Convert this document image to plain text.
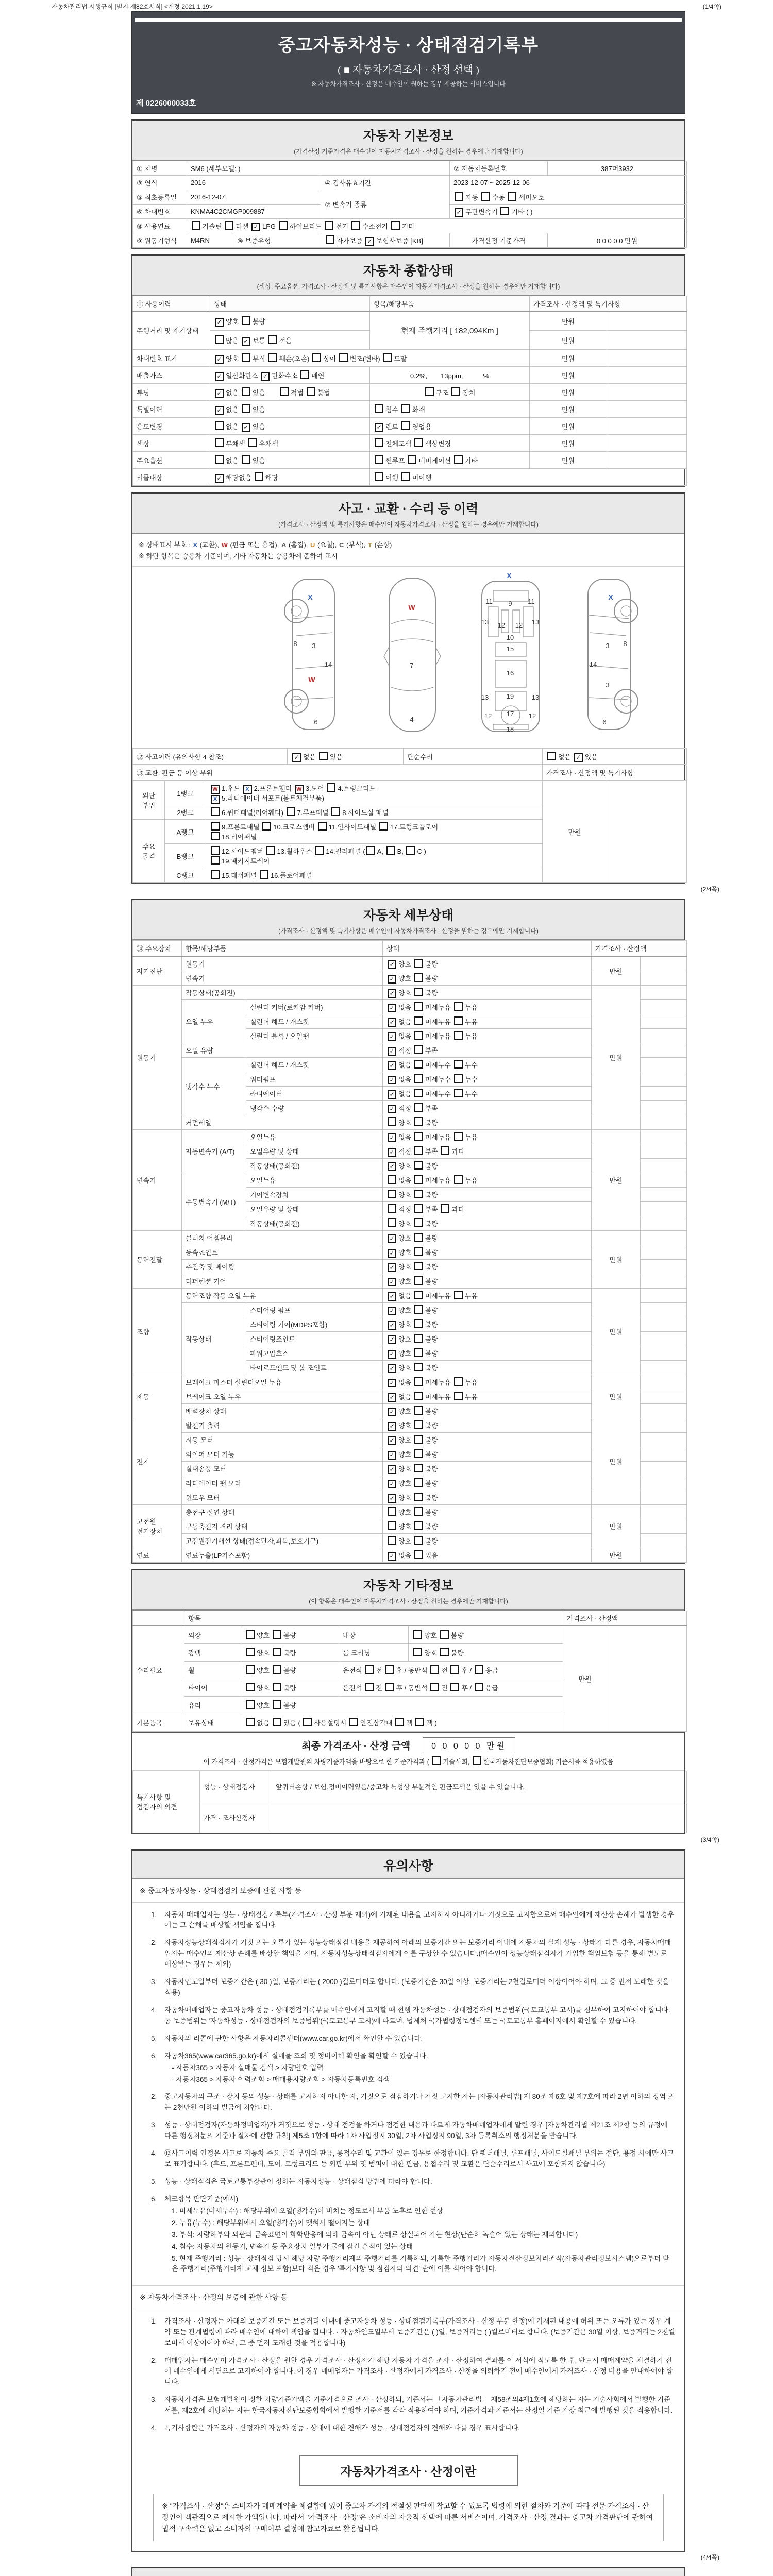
자동차관리법 시행규칙 [별지 제82호서식] <개정 2021.1.19>	(1/4쪽)
중고자동차성능 · 상태점검기록부
( ■ 자동차가격조사 · 산정 선택 )
※ 자동차가격조사 · 산정은 매수인이 원하는 경우 제공하는 서비스입니다
제 0226000033호
자동차 기본정보
(가격산정 기준가격은 매수인이 자동차가격조사 · 산정을 원하는 경우에만 기재합니다)
① 차명	SM6 (세부모델: )			② 자동차등록번호	387머3932
③ 연식	2016		④ 검사유효기간	2023-12-07 ~ 2025-12-06	
⑤ 최초등록일	2016-12-07		⑦ 변속기 종류	자동 수동 세미오토	
⑥ 차대번호	KNMA4C2CMGP009887	✓무단변속기 기타 ( )
⑧ 사용연료	가솔린 디젤 ✓LPG 하이브리드 전기 수소전기 기타
⑨ 원동기형식	M4RN	⑩ 보증유형	자가보증 ✓보험사보증 [KB]	가격산정 기준가격	0 0 0 0 0 만원
자동차 종합상태
(색상, 주요옵션, 가격조사 · 산정액 및 특기사항은 매수인이 자동차가격조사 · 산정을 원하는 경우에만 기재합니다)
⑪ 사용이력	상태	항목/해당부품	가격조사 · 산정액 및 특기사항	
주행거리 및 계기상태	✓양호 불량	현재 주행거리 [ 182,094Km ]	만원	
	많음 ✓보통 적음		만원	
차대번호 표기	✓양호 부식 훼손(오손) 상이 변조(변타) 도말		만원	
배출가스	✓일산화탄소 ✓탄화수소 매연	0.2%,　　13ppm,　　　%	만원	
튜닝	✓없음 있음　　적법 불법	구조 장치	만원	
특별이력	✓없음 있음	침수 화재	만원	
용도변경	없음 ✓있음	✓렌트 영업용	만원	
색상	무채색 유채색	전체도색 색상변경	만원	
주요옵션	없음 있음	썬루프 네비게이션 기타	만원	
리콜대상	✓해당없음 해당	이행 미이행		
사고 · 교환 · 수리 등 이력
(가격조사 · 산정액 및 특기사항은 매수인이 자동차가격조사 · 산정을 원하는 경우에만 기재합니다)
※ 상태표시 부호 : X (교환), W (판금 또는 용접), A (흠집), U (요철), C (부식), T (손상)
※ 하단 항목은 승용차 기준이며, 기타 자동차는 승용차에 준하여 표시
X
8 3
14
W
6
W
7
4
X
11 9 11
13 12 12 13
10
15
16
13	19	13
12 17 12
18
X
3 8
14
3
6
⑫ 사고이력 (유의사항 4 참조)	✓없음 있음	단순수리	없음 ✓있음
⑬ 교환, 판금 등 이상 부위			가격조사 · 산정액 및 특기사항
외판 부위	1랭크	W 1.후드 X 2.프론트휀더 W 3.도어 4.트렁크리드
X 5.라디에이터 서포트(볼트체결부품)	만원	
	2랭크	6.쿼더패널(리어휀다) 7.루프패널 8.사이드실 패널		
주요 골격	A랭크	9.프론트패널 10.크로스멤버 11.인사이드패널 17.트렁크플로어
18.리어패널		

	B랭크	12.사이드멤버 13.휠하우스 14.필러패널 ( A, B, C )
19.패키지트레이		

	C랭크	15.대쉬패널 16.플로어패널		
(2/4쪽)
자동차 세부상태
(가격조사 · 산정액 및 특기사항은 매수인이 자동차가격조사 · 산정을 원하는 경우에만 기재합니다)
⑭ 주요장치	항목/해당부품		상태	가격조사 · 산정액	
자기진단	원동기	✓양호 불량	만원	
	변속기	✓양호 불량	
원동기	작동상태(공회전)	✓양호 불량	만원	
	오일 누유	실린더 커버(로커암 커버)	✓없음 미세누유 누유	
		실린더 헤드 / 개스킷	✓없음 미세누유 누유	
		실린더 블록 / 오일팬	✓없음 미세누유 누유	
	오일 유량	✓적정 부족	
	냉각수 누수	실린더 헤드 / 개스킷	✓없음 미세누수 누수	
		워터펌프	✓없음 미세누수 누수	
		라디에이터	✓없음 미세누수 누수	
		냉각수 수량	✓적정 부족	
	커먼레일		양호 불량		
변속기	자동변속기 (A/T)	오일누유	✓없음 미세누유 누유	만원	
		오일유량 및 상태	✓적정 부족 과다	
		작동상태(공회전)	✓양호 불량	
	수동변속기 (M/T)	오일누유	없음 미세누유 누유		
		기어변속장치	양호 불량		
		오일유량 및 상태	적정 부족 과다		
		작동상태(공회전)	양호 불량		
동력전달	클러치 어셈블리	✓양호 불량	만원	
	등속죠인트	✓양호 불량	
	추진축 및 베어링	✓양호 불량	
	디퍼렌셜 기어	✓양호 불량	
조향	동력조향 작동 오일 누유	✓없음 미세누유 누유	만원	
	작동상태	스티어링 펌프	✓양호 불량	
		스티어링 기어(MDPS포함)	✓양호 불량	
		스티어링조인트	✓양호 불량	
		파워고압호스	✓양호 불량	
		타이로드엔드 및 볼 조인트	✓양호 불량	
제동	브레이크 마스터 실린더오일 누유	✓없음 미세누유 누유	만원	
	브레이크 오일 누유	✓없음 미세누유 누유	
	배력장치 상태	✓양호 불량	
전기	발전기 출력	✓양호 불량	만원	
	시동 모터	✓양호 불량	
	와이퍼 모터 기능	✓양호 불량	
	실내송풍 모터	✓양호 불량	
	라디에이터 팬 모터	✓양호 불량	
	윈도우 모터	✓양호 불량	
고전원 전기장치	충전구 절연 상태		양호 불량	만원	
	구동축전지 격리 상태		양호 불량		
	고전원전기배선 상태(접속단자,피복,보호기구)		양호 불량		
연료	연료누출(LP가스포함)	✓없음 있음	만원	
자동차 기타정보
(이 항목은 매수인이 자동차가격조사 · 산정을 원하는 경우에만 기재합니다)
	항목				가격조사 · 산정액	
수리필요	외장	양호 불량	내장	양호 불량	만원	
	광택	양호 불량	룸 크리닝	양호 불량		
	휠	양호 불량	운전석 전 후 / 동반석 전 후 / 응급			
	타이어	양호 불량	운전석 전 후 / 동반석 전 후 / 응급			
	유리	양호 불량				
기본품목	보유상태	없음 있음 ( 사용설명서 안전삼각대 잭 잭 )				
최종 가격조사 · 산정 금액	0 0 0 0 0 만원
이 가격조사 · 산정가격은 보험개발원의 차량기준가액을 바탕으로 한 기준가격과 ( 기술사회, 한국자동차진단보증협회) 기준서를 적용하였음
특기사항 및 점검자의 의견	성능 · 상태점검자	앞쿼터손상 / 보험.정비이력있음/중고차 특성상 부분적인 판금도색은 있을 수 있습니다.
	가격 · 조사산정자	
(3/4쪽)
유의사항
※ 중고자동차성능 · 상태점검의 보증에 관한 사항 등
1.	자동차 매매업자는 성능 · 상태점검기록부(가격조사 · 산정 부분 제외)에 기재된 내용을 고지하지 아니하거나 거짓으로 고지함으로써 매수인에게 재산상 손해가 발생한 경우에는 그 손해를 배상할 책임을 집니다.
2.	자동차성능상태점검자가 거짓 또는 오류가 있는 성능상태점검 내용을 제공하여 아래의 보증기간 또는 보증거리 이내에 자동차의 실제 성능 · 상태가 다른 경우, 자동차매매업자는 매수인의 재산상 손해를 배상할 책임을 지며, 자동차성능상태점검자에게 이를 구상할 수 있습니다.(매수인이 성능상태점검자가 가입한 책임보험 등을 통해 별도로 배상받는 경우는 제외)
3.	자동차인도일부터 보증기간은 ( 30 )일, 보증거리는 ( 2000 )킬로미터로 합니다. (보증기간은 30일 이상, 보증거리는 2천킬로미터 이상이어야 하며, 그 중 먼저 도래한 것을 적용)
4.	자동차매매업자는 중고자동차 성능 · 상태점검기록부를 매수인에게 고지할 때 현행 자동차성능 · 상태점검자의 보증범위(국토교통부 고시)를 첨부하여 고지하여야 합니다. 동 보증범위는 '자동차성능 · 상태점검자의 보증범위'(국토교통부 고시)에 따르며, 법제처 국가법령정보센터 또는 국토교통부 홈페이지에서 확인할 수 있습니다.
5.	자동차의 리콜에 관한 사항은 자동차리콜센터(www.car.go.kr)에서 확인할 수 있습니다.
6.	자동차365(www.car365.go.kr)에서 실매물 조회 및 정비이력 확인을 확인할 수 있습니다.
- 자동차365 > 자동차 실매물 검색 > 차량번호 입력
- 자동차365 > 자동차 이력조회 > 매매용차량조회 > 자동차등록번호 검색
2.	중고자동차의 구조 · 장치 등의 성능 · 상태를 고지하지 아니한 자, 거짓으로 점검하거나 거짓 고지한 자는 [자동차관리법] 제 80조 제6호 및 제7호에 따라 2년 이하의 징역 또는 2천만원 이하의 벌금에 처합니다.
3.	성능 · 상태점검자(자동차정비업자)가 거짓으로 성능 · 상태 점검을 하거나 점검한 내용과 다르게 자동차매매업자에게 알린 경우 [자동차관리법 제21조 제2항 등의 규정에 따른 행정처분의 기준과 절차에 관한 규칙] 제5조 1항에 따라 1차 사업정지 30일, 2차 사업정지 90일, 3차 등록취소의 행정처분을 받습니다.
4.	⑫사고이력 인정은 사고로 자동차 주요 골격 부위의 판금, 용접수리 및 교환이 있는 경우로 한정합니다. 단 쿼터패널, 루프패널, 사이드실패널 부위는 절단, 용접 시에만 사고로 표기합니다. (후드, 프론트펜더, 도어, 트렁크리드 등 외판 부위 및 범퍼에 대한 판금, 용접수리 및 교환은 단순수리로서 사고에 포함되지 않습니다)
5.	성능 · 상태점검은 국토교통부장관이 정하는 자동차성능 · 상태점검 방법에 따라야 합니다.
6.	체크항목 판단기준(예시)
1. 미세누유(미세누수) : 해당부위에 오일(냉각수)이 비치는 정도로서 부품 노후로 인한 현상
2. 누유(누수) : 해당부위에서 오일(냉각수)이 맺혀서 떨어지는 상태
3. 부식: 차량하부와 외판의 금속표면이 화학반응에 의해 금속이 아닌 상태로 상실되어 가는 현상(단순히 녹슬어 있는 상태는 제외합니다)
4. 침수: 자동차의 원동기, 변속기 등 주요장치 일부가 물에 잠긴 흔적이 있는 상태
5. 현재 주행거리 : 성능 · 상태점검 당시 해당 차량 주행거리계의 주행거리를 기록하되, 기록한 주행거리가 자동차전산정보처리조직(자동차관리정보시스템)으로부터 받은 주행거리(주행거리계 교체 정보 포함)보다 적은 경우 '특기사항 및 점검자의 의견' 란에 이를 적어야 합니다.
※ 자동차가격조사 · 산정의 보증에 관한 사항 등
1.	가격조사 · 산정자는 아래의 보증기간 또는 보증거리 이내에 중고자동차 성능 · 상태점검기록부(가격조사 · 산정 부분 한정)에 기재된 내용에 허위 또는 오류가 있는 경우 계약 또는 관계법령에 따라 매수인에 대하여 책임을 집니다. · 자동차인도일부터 보증기간은 ( )일, 보증거리는 ( )킬로미터로 합니다. (보증기간은 30일 이상, 보증거리는 2천킬로미터 이상이어야 하며, 그 중 먼저 도래한 것을 적용합니다)
2.	매매업자는 매수인이 가격조사 · 산정을 원할 경우 가격조사 · 산정자가 해당 자동차 가격을 조사 · 산정하여 결과를 이 서식에 적도록 한 후, 반드시 매매계약을 체결하기 전에 매수인에게 서면으로 고지하여야 합니다. 이 경우 매매업자는 가격조사 · 산정자에게 가격조사 · 산정을 의뢰하기 전에 매수인에게 가격조사 · 산정 비용을 안내하여야 합니다.
3.	자동차가격은 보험개발원이 정한 차량기준가액을 기준가격으로 조사 · 산정하되, 기준서는 「자동차관리법」 제58조의4제1호에 해당하는 자는 기술사회에서 발행한 기준서를, 제2호에 해당하는 자는 한국자동차진단보증협회에서 발행한 기준서를 각각 적용하여야 하며, 기준가격과 기준서는 산정일 기준 가장 최근에 발행된 것을 적용합니다.
4.	특기사항란은 가격조사 · 산정자의 자동차 성능 · 상태에 대한 견해가 성능 · 상태점검자의 견해와 다를 경우 표시합니다.
자동차가격조사 · 산정이란
※ "가격조사 · 산정"은 소비자가 매매계약을 체결함에 있어 중고차 가격의 적절성 판단에 참고할 수 있도록 법령에 의한 절차와 기준에 따라 전문 가격조사 · 산정인이 객관적으로 제시한 가액입니다. 따라서 "가격조사 · 산정"은 소비자의 자율적 선택에 따른 서비스이며, 가격조사 · 산정 결과는 중고차 가격판단에 관하여 법적 구속력은 없고 소비자의 구매여부 결정에 참고자료로 활용됩니다.
(4/4쪽)
